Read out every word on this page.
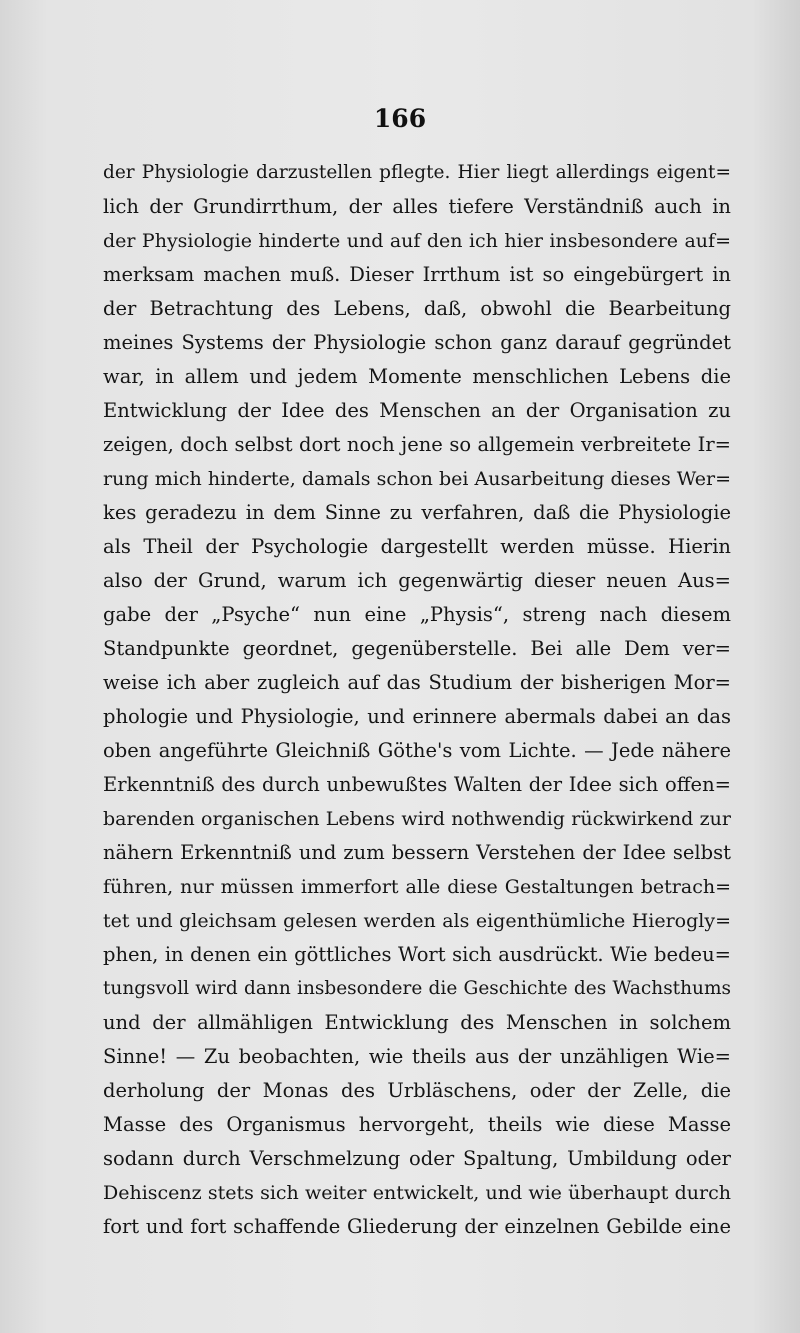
166
der Physiologie darzustellen pflegte. Hier liegt allerdings eigent=
lich der Grundirrthum, der alles tiefere Verständniß auch in
der Physiologie hinderte und auf den ich hier insbesondere auf=
merksam machen muß. Dieser Irrthum ist so eingebürgert in
der Betrachtung des Lebens, daß, obwohl die Bearbeitung
meines Systems der Physiologie schon ganz darauf gegründet
war, in allem und jedem Momente menschlichen Lebens die
Entwicklung der Idee des Menschen an der Organisation zu
zeigen, doch selbst dort noch jene so allgemein verbreitete Ir=
rung mich hinderte, damals schon bei Ausarbeitung dieses Wer=
kes geradezu in dem Sinne zu verfahren, daß die Physiologie
als Theil der Psychologie dargestellt werden müsse. Hierin
also der Grund, warum ich gegenwärtig dieser neuen Aus=
gabe der „Psyche“ nun eine „Physis“, streng nach diesem
Standpunkte geordnet, gegenüberstelle. Bei alle Dem ver=
weise ich aber zugleich auf das Studium der bisherigen Mor=
phologie und Physiologie, und erinnere abermals dabei an das
oben angeführte Gleichniß Göthe's vom Lichte. — Jede nähere
Erkenntniß des durch unbewußtes Walten der Idee sich offen=
barenden organischen Lebens wird nothwendig rückwirkend zur
nähern Erkenntniß und zum bessern Verstehen der Idee selbst
führen, nur müssen immerfort alle diese Gestaltungen betrach=
tet und gleichsam gelesen werden als eigenthümliche Hierogly=
phen, in denen ein göttliches Wort sich ausdrückt. Wie bedeu=
tungsvoll wird dann insbesondere die Geschichte des Wachsthums
und der allmähligen Entwicklung des Menschen in solchem
Sinne! — Zu beobachten, wie theils aus der unzähligen Wie=
derholung der Monas des Urbläschens, oder der Zelle, die
Masse des Organismus hervorgeht, theils wie diese Masse
sodann durch Verschmelzung oder Spaltung, Umbildung oder
Dehiscenz stets sich weiter entwickelt, und wie überhaupt durch
fort und fort schaffende Gliederung der einzelnen Gebilde eine
